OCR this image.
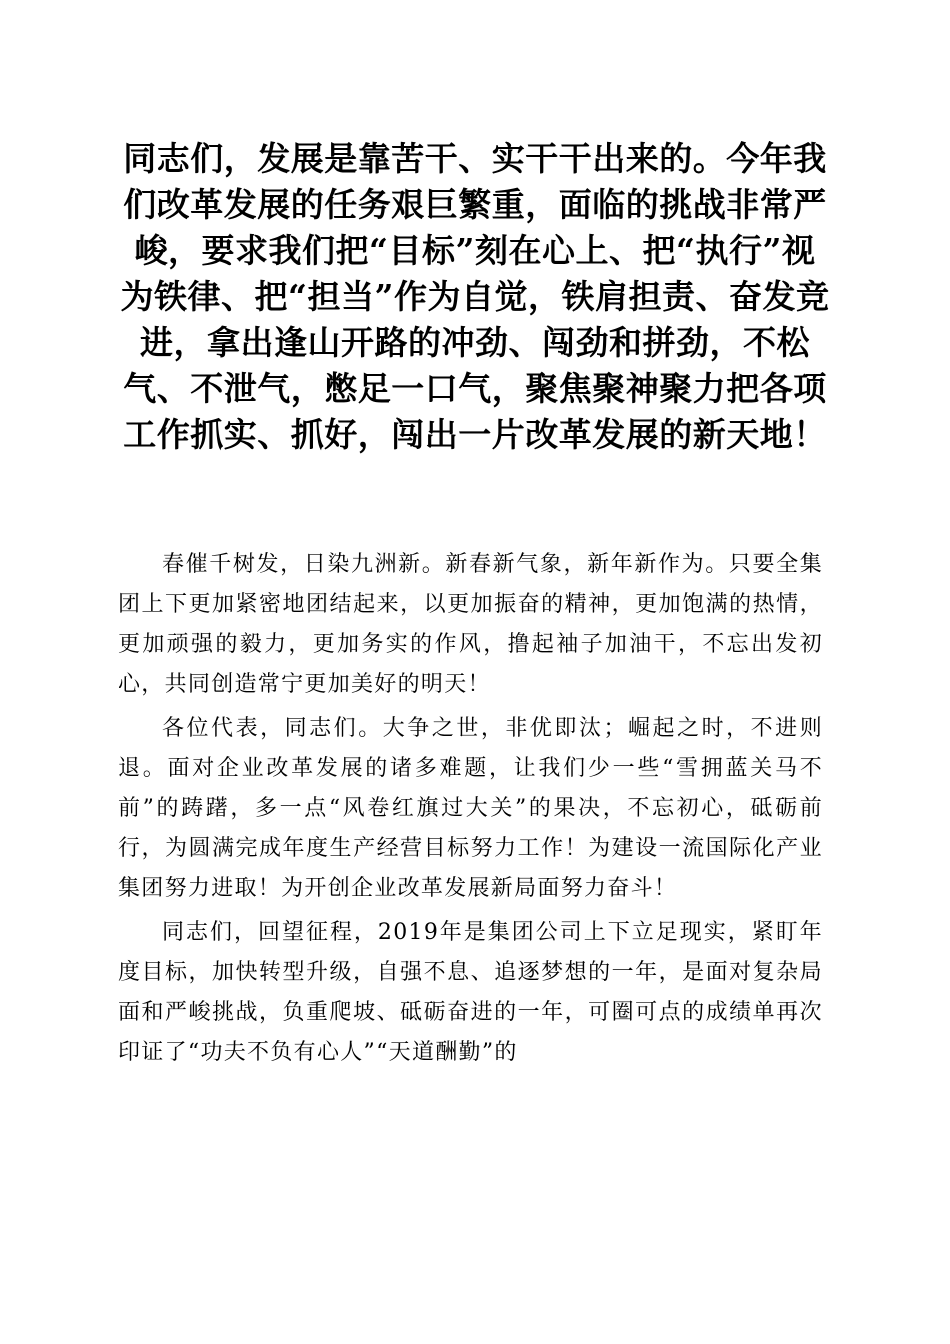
同志们，发展是靠苦干、实干干出来的。今年我们改革发展的任务艰巨繁重，面临的挑战非常严峻，要求我们把“目标”刻在心上、把“执行”视为铁律、把“担当”作为自觉，铁肩担责、奋发竞进，拿出逢山开路的冲劲、闯劲和拼劲，不松气、不泄气，憋足一口气，聚焦聚神聚力把各项工作抓实、抓好，闯出一片改革发展的新天地！

春催千树发，日染九洲新。新春新气象，新年新作为。只要全集团上下更加紧密地团结起来，以更加振奋的精神，更加饱满的热情，更加顽强的毅力，更加务实的作风，撸起袖子加油干，不忘出发初心，共同创造常宁更加美好的明天！

各位代表，同志们。大争之世，非优即汰；崛起之时，不进则退。面对企业改革发展的诸多难题，让我们少一些“雪拥蓝关马不前”的踌躇，多一点“风卷红旗过大关”的果决，不忘初心，砥砺前行，为圆满完成年度生产经营目标努力工作！为建设一流国际化产业集团努力进取！为开创企业改革发展新局面努力奋斗！

同志们，回望征程，2019年是集团公司上下立足现实，紧盯年度目标，加快转型升级，自强不息、追逐梦想的一年，是面对复杂局面和严峻挑战，负重爬坡、砥砺奋进的一年，可圈可点的成绩单再次印证了“功夫不负有心人”“天道酬勤”的
